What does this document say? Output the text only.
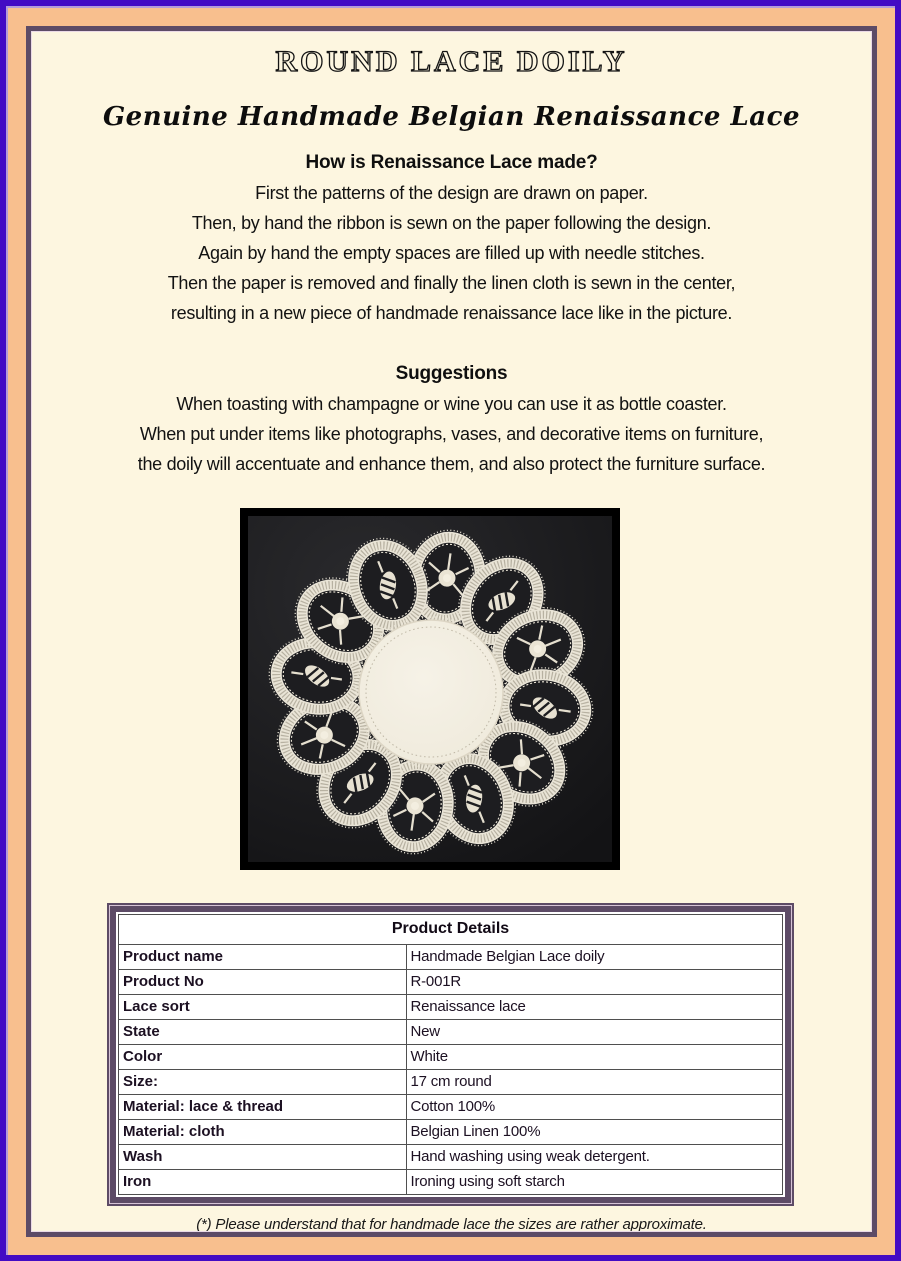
ROUND LACE DOILY
Genuine Handmade Belgian Renaissance Lace
How is Renaissance Lace made?
First the patterns of the design are drawn on paper.
Then, by hand the ribbon is sewn on the paper following the design.
Again by hand the empty spaces are filled up with needle stitches.
Then the paper is removed and finally the linen cloth is sewn in the center,
resulting in a new piece of handmade renaissance lace like in the picture.
Suggestions
When toasting with champagne or wine you can use it as bottle coaster.
When put under items like photographs, vases, and decorative items on furniture,
the doily will accentuate and enhance them, and also protect the furniture surface.
Product Details	
Product name	Handmade Belgian Lace doily
Product No	R-001R
Lace sort	Renaissance lace
State	New
Color	White
Size:	17 cm round
Material: lace & thread	Cotton 100%
Material: cloth	Belgian Linen 100%
Wash	Hand washing using weak detergent.
Iron	Ironing using soft starch
(*) Please understand that for handmade lace the sizes are rather approximate.
